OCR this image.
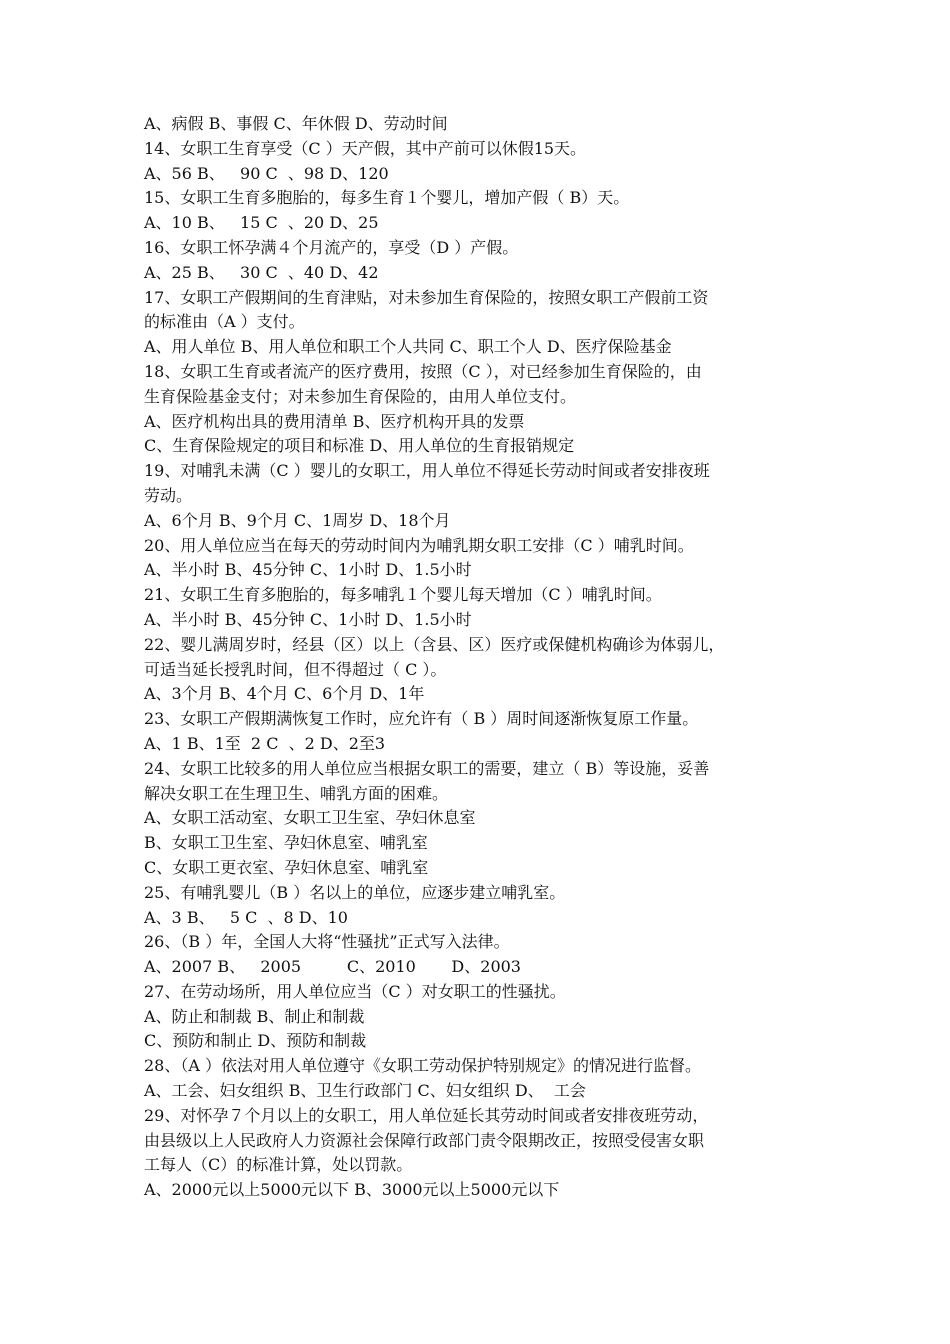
A、病假 B、事假 C、年休假 D、劳动时间
14、女职工生育享受（C ）天产假，其中产前可以休假15天。
A、56 B、   90 C  、98 D、120
15、女职工生育多胞胎的，每多生育１个婴儿，增加产假（ B）天。
A、10 B、   15 C  、20 D、25
16、女职工怀孕满４个月流产的，享受（D ）产假。
A、25 B、   30 C  、40 D、42
17、女职工产假期间的生育津贴，对未参加生育保险的，按照女职工产假前工资
的标准由（A ）支付。
A、用人单位 B、用人单位和职工个人共同 C、职工个人 D、医疗保险基金
18、女职工生育或者流产的医疗费用，按照（C ），对已经参加生育保险的，由
生育保险基金支付；对未参加生育保险的，由用人单位支付。
A、医疗机构出具的费用清单 B、医疗机构开具的发票
C、生育保险规定的项目和标准 D、用人单位的生育报销规定
19、对哺乳未满（C ）婴儿的女职工，用人单位不得延长劳动时间或者安排夜班
劳动。
A、6个月 B、9个月 C、1周岁 D、18个月
20、用人单位应当在每天的劳动时间内为哺乳期女职工安排（C ）哺乳时间。
A、半小时 B、45分钟 C、1小时 D、1.5小时
21、女职工生育多胞胎的，每多哺乳１个婴儿每天增加（C ）哺乳时间。
A、半小时 B、45分钟 C、1小时 D、1.5小时
22、婴儿满周岁时，经县（区）以上（含县、区）医疗或保健机构确诊为体弱儿，
可适当延长授乳时间，但不得超过（ C ）。
A、3个月 B、4个月 C、6个月 D、1年
23、女职工产假期满恢复工作时，应允许有（ B ）周时间逐渐恢复原工作量。
A、1 B、1至  2 C  、2 D、2至3
24、女职工比较多的用人单位应当根据女职工的需要，建立（ B）等设施，妥善
解决女职工在生理卫生、哺乳方面的困难。
A、女职工活动室、女职工卫生室、孕妇休息室
B、女职工卫生室、孕妇休息室、哺乳室
C、女职工更衣室、孕妇休息室、哺乳室
25、有哺乳婴儿（B ）名以上的单位，应逐步建立哺乳室。
A、3 B、   5 C  、8 D、10
26、（B ）年，全国人大将“性骚扰”正式写入法律。
A、2007 B、   2005         C、2010       D、2003
27、在劳动场所，用人单位应当（C ）对女职工的性骚扰。
A、防止和制裁 B、制止和制裁
C、预防和制止 D、预防和制裁
28、（A ）依法对用人单位遵守《女职工劳动保护特别规定》的情况进行监督。
A、工会、妇女组织 B、卫生行政部门 C、妇女组织 D、  工会
29、对怀孕７个月以上的女职工，用人单位延长其劳动时间或者安排夜班劳动，
由县级以上人民政府人力资源社会保障行政部门责令限期改正，按照受侵害女职
工每人（C）的标准计算，处以罚款。
A、2000元以上5000元以下 B、3000元以上5000元以下
